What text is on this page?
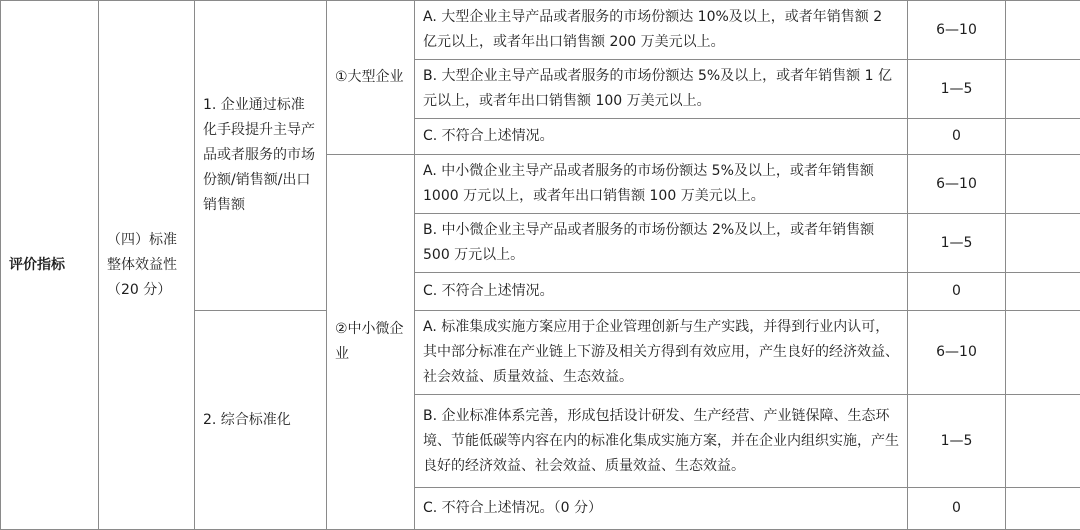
评价指标	（四）标准整体效益性（20 分）	1. 企业通过标准化手段提升主导产品或者服务的市场份额/销售额/出口销售额	①大型企业	A. 大型企业主导产品或者服务的市场份额达 10%及以上，或者年销售额 2 亿元以上，或者年出口销售额 200 万美元以上。	6—10	
				B. 大型企业主导产品或者服务的市场份额达 5%及以上，或者年销售额 1 亿元以上，或者年出口销售额 100 万美元以上。	1—5	
				C. 不符合上述情况。	0	
			②中小微企业	A. 中小微企业主导产品或者服务的市场份额达 5%及以上，或者年销售额 1000 万元以上，或者年出口销售额 100 万美元以上。	6—10	
				B. 中小微企业主导产品或者服务的市场份额达 2%及以上，或者年销售额 500 万元以上。	1—5	
				C. 不符合上述情况。	0	
		2. 综合标准化		A. 标准集成实施方案应用于企业管理创新与生产实践，并得到行业内认可，其中部分标准在产业链上下游及相关方得到有效应用，产生良好的经济效益、社会效益、质量效益、生态效益。	6—10	
				B. 企业标准体系完善，形成包括设计研发、生产经营、产业链保障、生态环境、节能低碳等内容在内的标准化集成实施方案，并在企业内组织实施，产生良好的经济效益、社会效益、质量效益、生态效益。	1—5	
				C. 不符合上述情况。（0 分）	0	
